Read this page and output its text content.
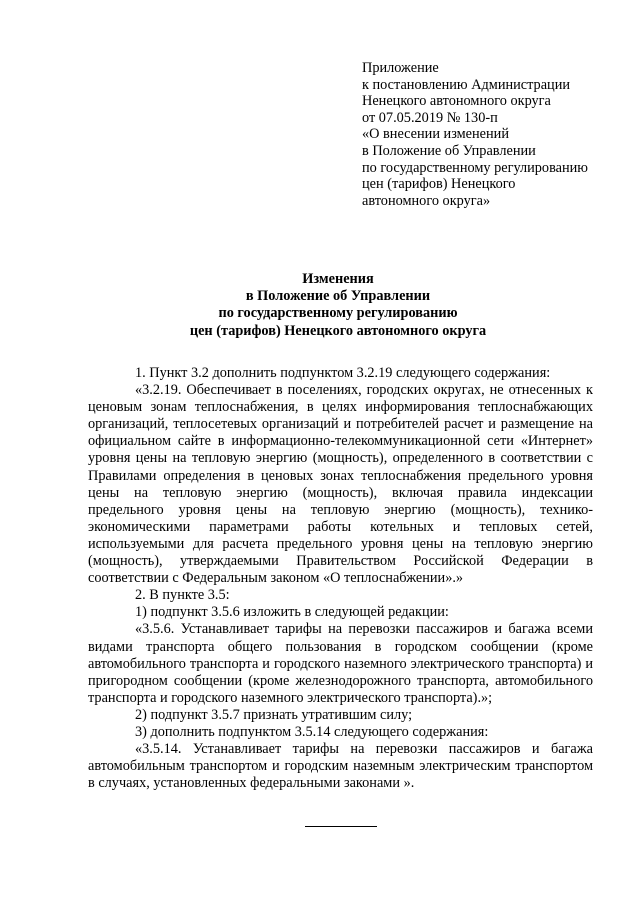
Приложение
к постановлению Администрации
Ненецкого автономного округа
от 07.05.2019 № 130-п
«О внесении изменений
в Положение об Управлении
по государственному регулированию
цен (тарифов) Ненецкого
автономного округа»
Изменения
в Положение об Управлении
по государственному регулированию
цен (тарифов) Ненецкого автономного округа

1. Пункт 3.2 дополнить подпунктом 3.2.19 следующего содержания:

«3.2.19. Обеспечивает в поселениях, городских округах, не отнесенных к ценовым зонам теплоснабжения, в целях информирования теплоснабжающих организаций, теплосетевых организаций и потребителей расчет и размещение на официальном сайте в информационно-телекоммуникационной сети «Интернет» уровня цены на тепловую энергию (мощность), определенного в соответствии с Правилами определения в ценовых зонах теплоснабжения предельного уровня цены на тепловую энергию (мощность), включая правила индексации предельного уровня цены на тепловую энергию (мощность), технико-экономическими параметрами работы котельных и тепловых сетей, используемыми для расчета предельного уровня цены на тепловую энергию (мощность), утверждаемыми Правительством Российской Федерации в соответствии с Федеральным законом «О теплоснабжении».»

2. В пункте 3.5:

1) подпункт 3.5.6 изложить в следующей редакции:

«3.5.6. Устанавливает тарифы на перевозки пассажиров и багажа всеми видами транспорта общего пользования в городском сообщении (кроме автомобильного транспорта и городского наземного электрического транспорта) и пригородном сообщении (кроме железнодорожного транспорта, автомобильного транспорта и городского наземного электрического транспорта).»;

2) подпункт 3.5.7 признать утратившим силу;

3) дополнить подпунктом 3.5.14 следующего содержания:

«3.5.14. Устанавливает тарифы на перевозки пассажиров и багажа автомобильным транспортом и городским наземным электрическим транспортом в случаях, установленных федеральными законами ».
